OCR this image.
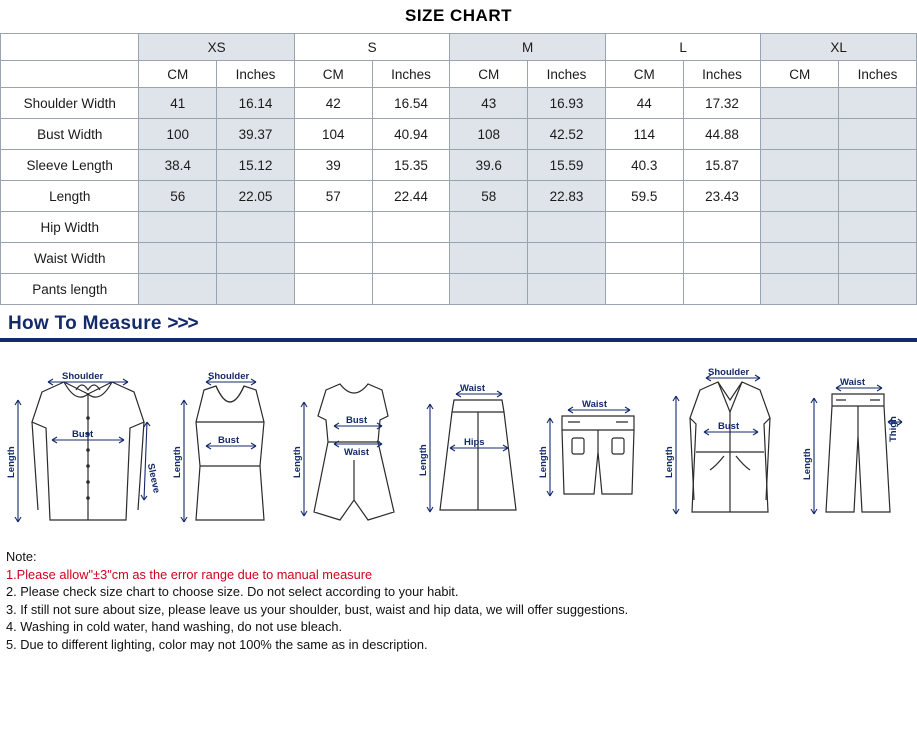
SIZE CHART
	XS		S		M		L		XL	
	CM	Inches	CM	Inches	CM	Inches	CM	Inches	CM	Inches
Shoulder Width	41	16.14	42	16.54	43	16.93	44	17.32		
Bust Width	100	39.37	104	40.94	108	42.52	114	44.88		
Sleeve Length	38.4	15.12	39	15.35	39.6	15.59	40.3	15.87		
Length	56	22.05	57	22.44	58	22.83	59.5	23.43		
Hip Width										
Waist Width										
Pants length										
How To Measure >>>
Shoulder
Bust
Sleeve
Length
Shoulder
Bust
Length
Bust
Waist
Length
Waist
Hips
Length
Waist
Length
Shoulder
Bust
Length
Waist
Thigh
Length
Note:
1.Please allow"±3"cm as the error range due to manual measure
2. Please check size chart to choose size. Do not select according to your habit.
3. If still not sure about size, please leave us your shoulder, bust, waist and hip data, we will offer suggestions.
4. Washing in cold water, hand washing, do not use bleach.
5. Due to different lighting, color may not 100% the same as in description.
